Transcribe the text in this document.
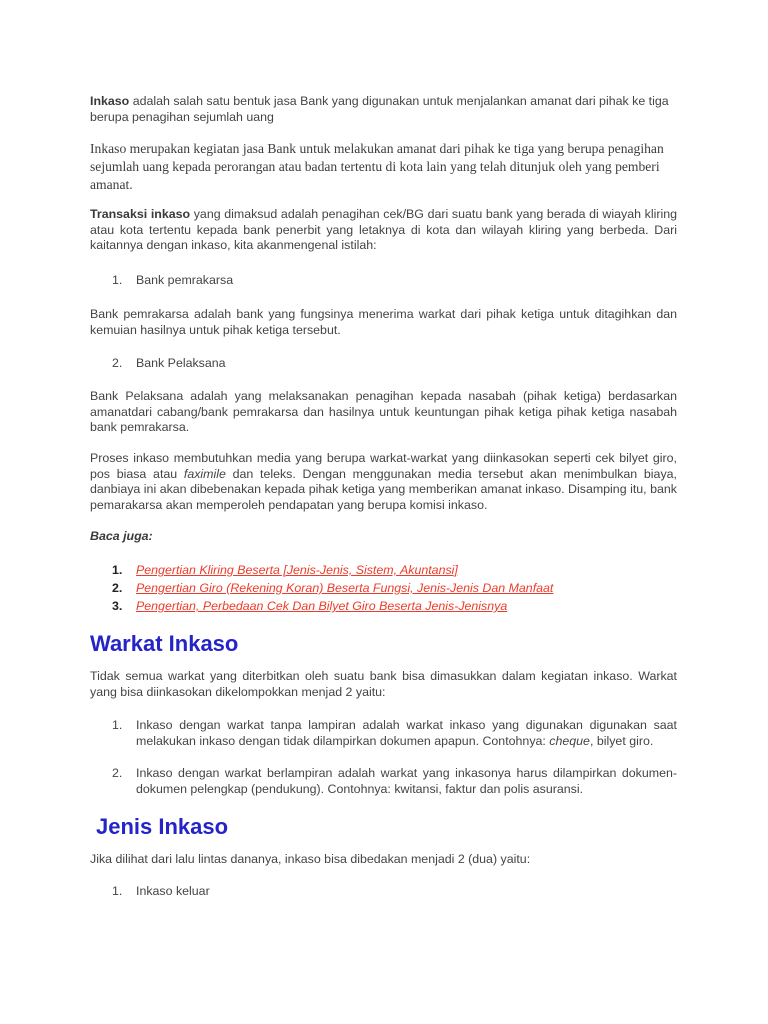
Inkaso adalah salah satu bentuk jasa Bank yang digunakan untuk menjalankan amanat dari pihak ke tiga berupa penagihan sejumlah uang

Inkaso merupakan kegiatan jasa Bank untuk melakukan amanat dari pihak ke tiga yang berupa penagihan sejumlah uang kepada perorangan atau badan tertentu di kota lain yang telah ditunjuk oleh yang pemberi amanat.

Transaksi inkaso yang dimaksud adalah penagihan cek/BG dari suatu bank yang berada di wiayah kliring atau kota tertentu kepada bank penerbit yang letaknya di kota dan wilayah kliring yang berbeda. Dari kaitannya dengan inkaso, kita akanmengenal istilah:

1.	Bank pemrakarsa

Bank pemrakarsa adalah bank yang fungsinya menerima warkat dari pihak ketiga untuk ditagihkan dan kemuian hasilnya untuk pihak ketiga tersebut.

2.	Bank Pelaksana

Bank Pelaksana adalah yang melaksanakan penagihan kepada nasabah (pihak ketiga) berdasarkan amanatdari cabang/bank pemrakarsa dan hasilnya untuk keuntungan pihak ketiga pihak ketiga nasabah bank pemrakarsa.

Proses inkaso membutuhkan media yang berupa warkat-warkat yang diinkasokan seperti cek bilyet giro, pos biasa atau faximile dan teleks. Dengan menggunakan media tersebut akan menimbulkan biaya, danbiaya ini akan dibebenakan kepada pihak ketiga yang memberikan amanat inkaso. Disamping itu, bank pemarakarsa akan memperoleh pendapatan yang berupa komisi inkaso.

Baca juga:

1.	Pengertian Kliring Beserta [Jenis-Jenis, Sistem, Akuntansi]
2.	Pengertian Giro (Rekening Koran) Beserta Fungsi, Jenis-Jenis Dan Manfaat
3.	Pengertian, Perbedaan Cek Dan Bilyet Giro Beserta Jenis-Jenisnya
Warkat Inkaso

Tidak semua warkat yang diterbitkan oleh suatu bank bisa dimasukkan dalam kegiatan inkaso. Warkat yang bisa diinkasokan dikelompokkan menjad 2 yaitu:

1.	Inkaso dengan warkat tanpa lampiran adalah warkat inkaso yang digunakan digunakan saat melakukan inkaso dengan tidak dilampirkan dokumen apapun. Contohnya: cheque, bilyet giro.
2.	Inkaso dengan warkat berlampiran adalah warkat yang inkasonya harus dilampirkan dokumen-dokumen pelengkap (pendukung). Contohnya: kwitansi, faktur dan polis asuransi.
Jenis Inkaso

Jika dilihat dari lalu lintas dananya, inkaso bisa dibedakan menjadi 2 (dua) yaitu:

1.	Inkaso keluar
